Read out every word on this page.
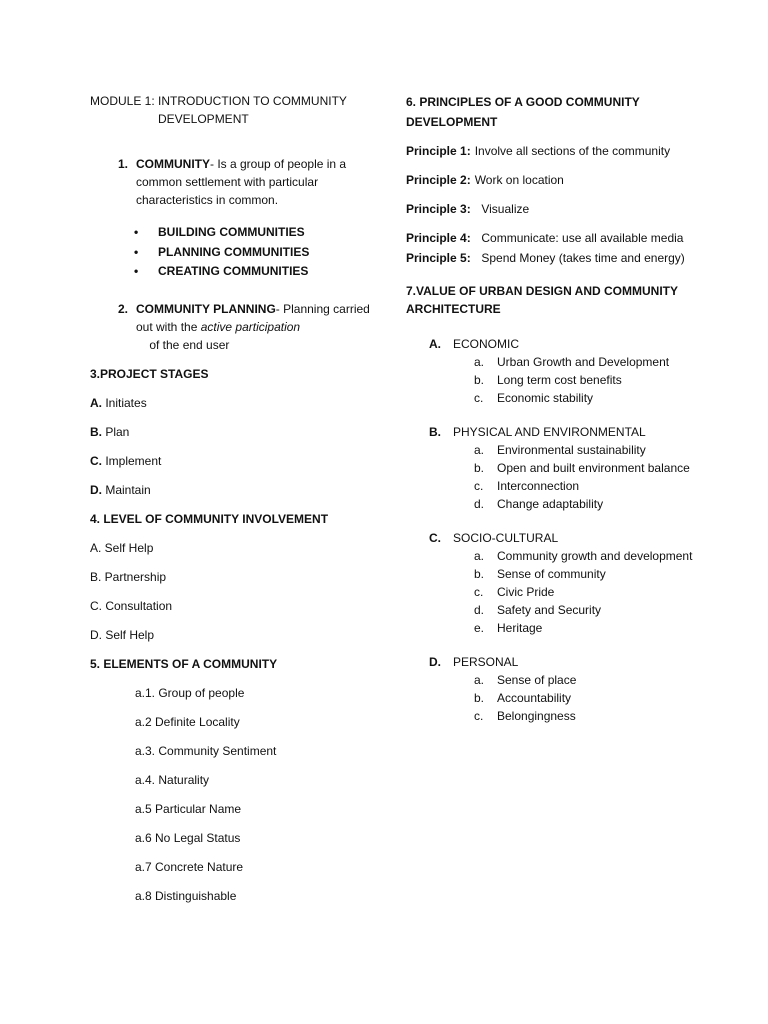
MODULE 1: INTRODUCTION TO COMMUNITY
DEVELOPMENT

1. COMMUNITY- Is a group of people in a common settlement with particular characteristics in common.
• BUILDING COMMUNITIES
• PLANNING COMMUNITIES
• CREATING COMMUNITIES
2. COMMUNITY PLANNING- Planning carried out with the active participation    of the end user

3.PROJECT STAGES

A. Initiates

B. Plan

C. Implement

D. Maintain

4. LEVEL OF COMMUNITY INVOLVEMENT

A. Self Help

B. Partnership

C. Consultation

D. Self Help

5. ELEMENTS OF A COMMUNITY

a.1. Group of people

a.2 Definite Locality

a.3. Community Sentiment

a.4. Naturality

a.5 Particular Name

a.6 No Legal Status

a.7 Concrete Nature

a.8 Distinguishable

6. PRINCIPLES OF A GOOD COMMUNITY DEVELOPMENT

Principle 1: Involve all sections of the community
Principle 2: Work on location
Principle 3: Visualize
Principle 4: Communicate: use all available media
Principle 5: Spend Money (takes time and energy)

7.VALUE OF URBAN DESIGN AND COMMUNITY ARCHITECTURE

A.	ECONOMIC
a.	Urban Growth and Development
b.	Long term cost benefits
c.	Economic stability
B.	PHYSICAL AND ENVIRONMENTAL
a.	Environmental sustainability
b.	Open and built environment balance
c.	Interconnection
d.	Change adaptability
C.	SOCIO-CULTURAL
a.	Community growth and development
b.	Sense of community
c.	Civic Pride
d.	Safety and Security
e.	Heritage
D.	PERSONAL
a.	Sense of place
b.	Accountability
c.	Belongingness
